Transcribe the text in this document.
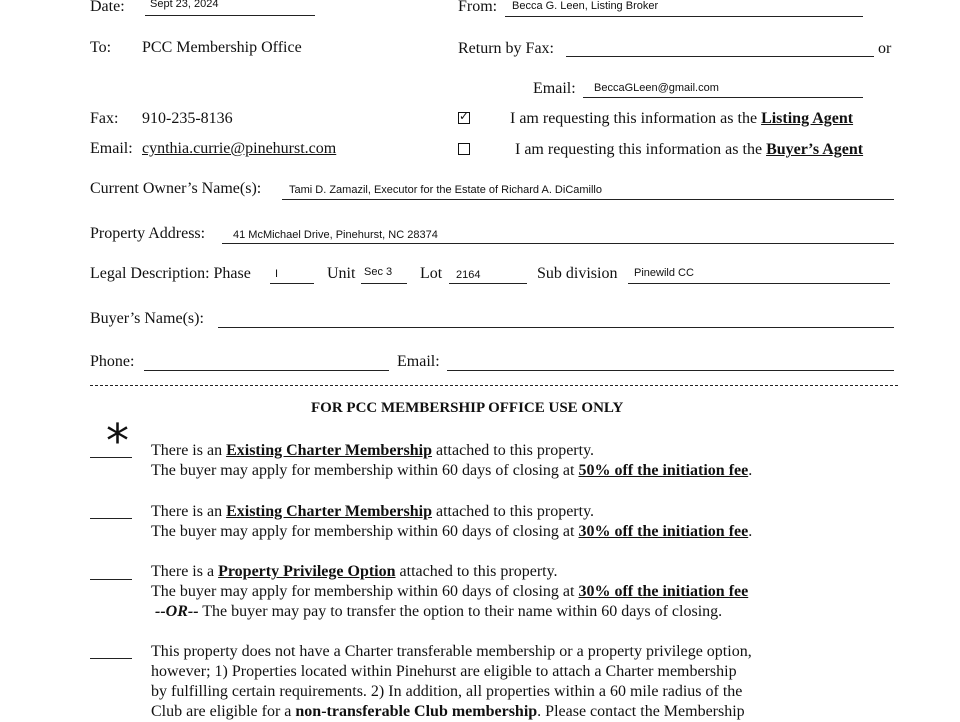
Date: Sept 23, 2024	From: Becca G. Leen, Listing Broker
To: PCC Membership Office	Return by Fax:	or
Email: BeccaGLeen@gmail.com
Fax: 910-235-8136	✓	I am requesting this information as the Listing Agent
Email: cynthia.currie@pinehurst.com	I am requesting this information as the Buyer’s Agent
Current Owner’s Name(s):	Tami D. Zamazil, Executor for the Estate of Richard A. DiCamillo
Property Address:	41 McMichael Drive, Pinehurst, NC 28374
Legal Description: Phase I	Unit Sec 3 Lot 2164	Sub division Pinewild CC
Buyer’s Name(s):
Phone:	Email:
FOR PCC MEMBERSHIP OFFICE USE ONLY
* There is an Existing Charter Membership attached to this property.
The buyer may apply for membership within 60 days of closing at 50% off the initiation fee.
There is an Existing Charter Membership attached to this property.
The buyer may apply for membership within 60 days of closing at 30% off the initiation fee.
There is a Property Privilege Option attached to this property.
The buyer may apply for membership within 60 days of closing at 30% off the initiation fee
--OR-- The buyer may pay to transfer the option to their name within 60 days of closing.
This property does not have a Charter transferable membership or a property privilege option,
however; 1) Properties located within Pinehurst are eligible to attach a Charter membership
by fulfilling certain requirements. 2) In addition, all properties within a 60 mile radius of the
Club are eligible for a non-transferable Club membership. Please contact the Membership
